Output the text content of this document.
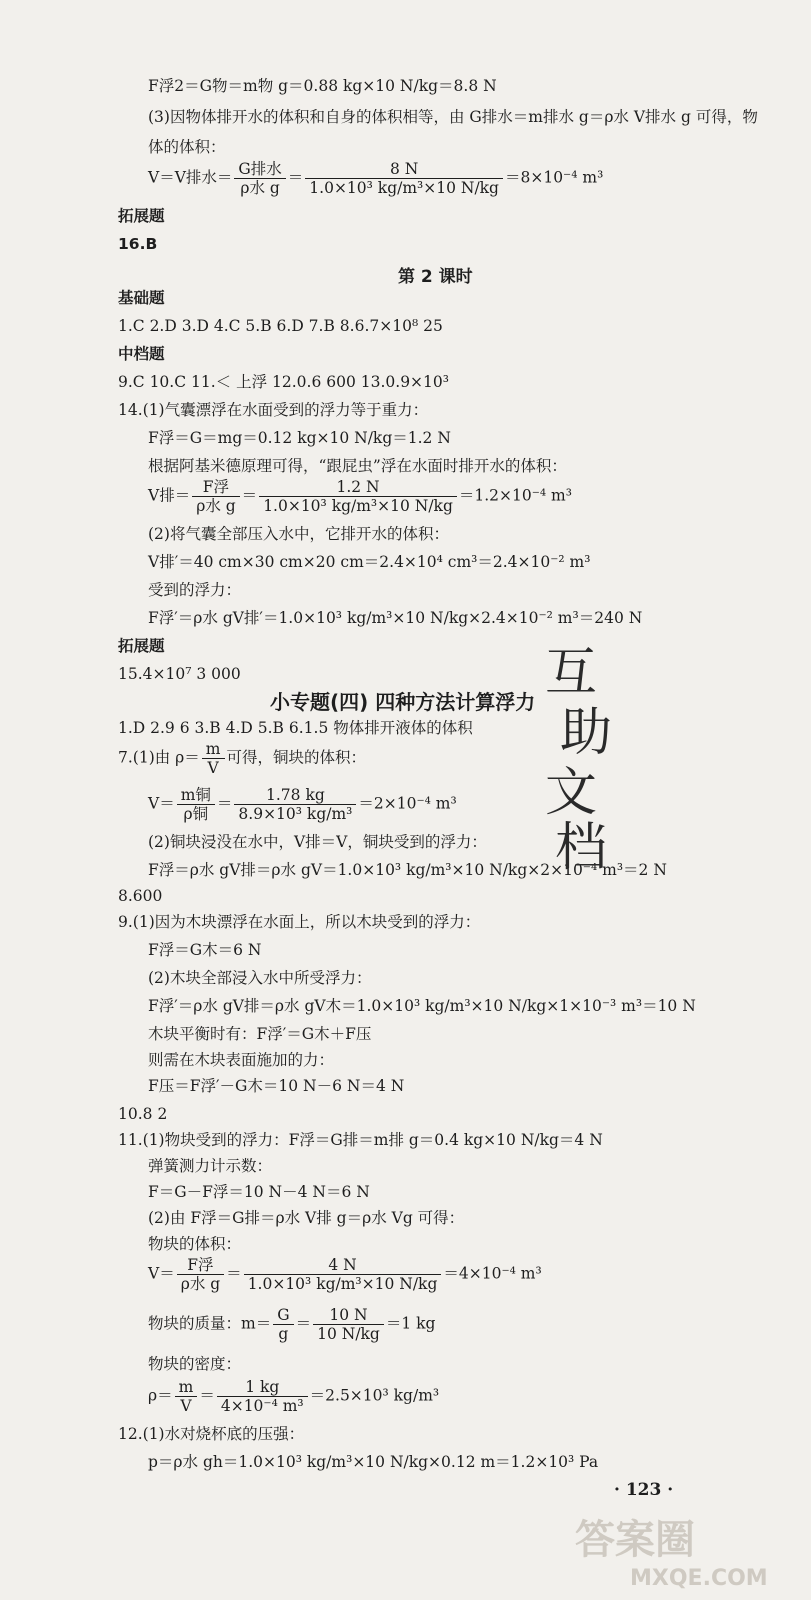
F浮2＝G物＝m物 g＝0.88 kg×10 N/kg＝8.8 N
(3)因物体排开水的体积和自身的体积相等，由 G排水＝m排水 g＝ρ水 V排水 g 可得，物
体的体积：
V＝V排水＝ $\frac{\text{G排水}}{\text{ρ水 g}} = \frac{8 N}{\text{1.0×10³ kg/m³×10 N/kg}} =8\times 10^{-4}$ m³
拓展题
16.B
第 2 课时
基础题
1.C 2.D 3.D 4.C 5.B 6.D 7.B 8.6.7×10⁸ 25
中档题
9.C 10.C 11.＜ 上浮 12.0.6 600 13.0.9×10³
14.(1)气囊漂浮在水面受到的浮力等于重力：
F浮＝G＝mg＝0.12 kg×10 N/kg＝1.2 N
根据阿基米德原理可得，“跟屁虫”浮在水面时排开水的体积：
V排＝ $\frac{\text{F浮}}{\text{ρ水 g}} = \frac{1.2 N}{\text{1.0×10³ kg/m³×10 N/kg}} =1.2\times 10^{-4}$ m³
(2)将气囊全部压入水中，它排开水的体积：
V排′＝40 cm×30 cm×20 cm＝2.4×10⁴ cm³＝2.4×10⁻² m³
受到的浮力：
F浮′＝ρ水 gV排′＝1.0×10³ kg/m³×10 N/kg×2.4×10⁻² m³＝240 N
拓展题
15.4×10⁷ 3 000
小专题(四) 四种方法计算浮力
1.D 2.9 6 3.B 4.D 5.B 6.1.5 物体排开液体的体积
7.(1)由 $\rho= \frac{m}{V}$ 可得，铜块的体积：
$V= \frac{\text{m铜}}{\text{ρ铜}} = \frac{1.78 kg}{\text{8.9×10³ kg/m³}} =2\times 10^{-4}$ m³
(2)铜块浸没在水中，V排＝V，铜块受到的浮力：
F浮＝ρ水 gV排＝ρ水 gV＝1.0×10³ kg/m³×10 N/kg×2×10⁻⁴ m³＝2 N
8.600
9.(1)因为木块漂浮在水面上，所以木块受到的浮力：
F浮＝G木＝6 N
(2)木块全部浸入水中所受浮力：
F浮′＝ρ水 gV排＝ρ水 gV木＝1.0×10³ kg/m³×10 N/kg×1×10⁻³ m³＝10 N
木块平衡时有：F浮′＝G木＋F压
则需在木块表面施加的力：
F压＝F浮′－G木＝10 N－6 N＝4 N
10.8 2
11.(1)物块受到的浮力：F浮＝G排＝m排 g＝0.4 kg×10 N/kg＝4 N
弹簧测力计示数：
F＝G－F浮＝10 N－4 N＝6 N
(2)由 F浮＝G排＝ρ水 V排 g＝ρ水 Vg 可得：
物块的体积：
$V= \frac{\text{F浮}}{\text{ρ水 g}} = \frac{4 N}{\text{1.0×10³ kg/m³×10 N/kg}} =4\times 10^{-4}$ m³
物块的质量：$m= \frac{G}{g} = \frac{10 N}{10 N/kg} =1$ kg
物块的密度：
$\rho= \frac{m}{V} = \frac{1 kg}{\text{4×10⁻⁴ m³}} =2.5\times 10^3$ kg/m³
12.(1)水对烧杯底的压强：
p＝ρ水 gh＝1.0×10³ kg/m³×10 N/kg×0.12 m＝1.2×10³ Pa
· 123 ·
互
助
文
档
答案圈
MXQE.COM
